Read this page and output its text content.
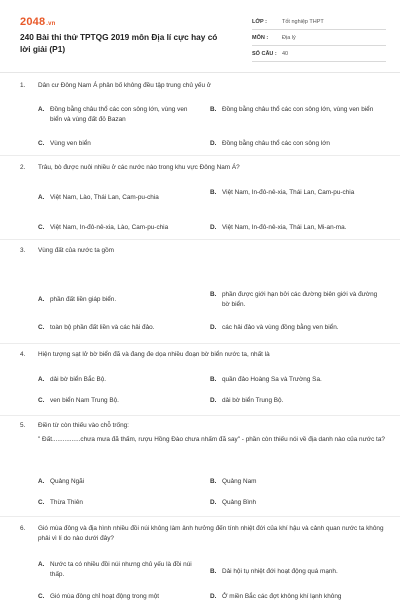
2048.vn
240 Bài thi thử TPTQG 2019 môn Địa lí cực hay có lời giải (P1)
LỚP :	Tốt nghiệp THPT
MÔN :	Địa lý
SỐ CÂU : 40
1.	Dân cư Đông Nam Á phân bố không đều tập trung chủ yếu ở
A. Đồng bằng châu thổ các con sông lớn, vùng ven biển và vùng đất đỏ Bazan
B. Đồng bằng châu thổ các con sông lớn, vùng ven biển
C. Vùng ven biển	D. Đồng bằng châu thổ các con sông lớn
2.	Trâu, bò được nuôi nhiều ở các nước nào trong khu vực Đông Nam Á?
A. Việt Nam, Lào, Thái Lan, Cam-pu-chia
B. Việt Nam, In-đô-nê-xia, Thái Lan, Cam-pu-chia
C. Việt Nam, In-đô-nê-xia, Lào, Cam-pu-chia	D. Việt Nam, In-đô-nê-xia, Thái Lan, Mi-an-ma.
3.	Vùng đất của nước ta gồm
A. phần đất liền giáp biển.
B. phần được giới hạn bởi các đường biên giới và đường bờ biển.
C. toàn bộ phần đất liền và các hải đảo.	D. các hải đảo và vùng đồng bằng ven biển.
4.	Hiện tượng sạt lở bờ biển đã và đang đe dọa nhiều đoạn bờ biển nước ta, nhất là
A. dải bờ biển Bắc Bộ.	B. quần đảo Hoàng Sa và Trường Sa.
C. ven biển Nam Trung Bộ.	D. dải bờ biển Trung Bộ.
5.	Điền từ còn thiếu vào chỗ trống:
" Đất................chưa mưa đã thấm, rượu Hồng Đào chưa nhấm đã say" - phần còn thiếu nói về địa danh nào của nước ta?
A. Quảng Ngãi	B. Quảng Nam
C. Thừa Thiên	D. Quảng Bình
6.	Gió mùa đông và địa hình nhiều đồi núi không làm ảnh hưởng đến tính nhiệt đới của khí hậu và cảnh quan nước ta không phải vì lí do nào dưới đây?
A. Nước ta có nhiều đồi núi nhưng chủ yếu là đồi núi thấp.	B. Dải hội tụ nhiệt đới hoạt động quá mạnh.
C. Gió mùa đông chỉ hoạt động trong một	D. Ở miền Bắc các đợt không khí lạnh không
